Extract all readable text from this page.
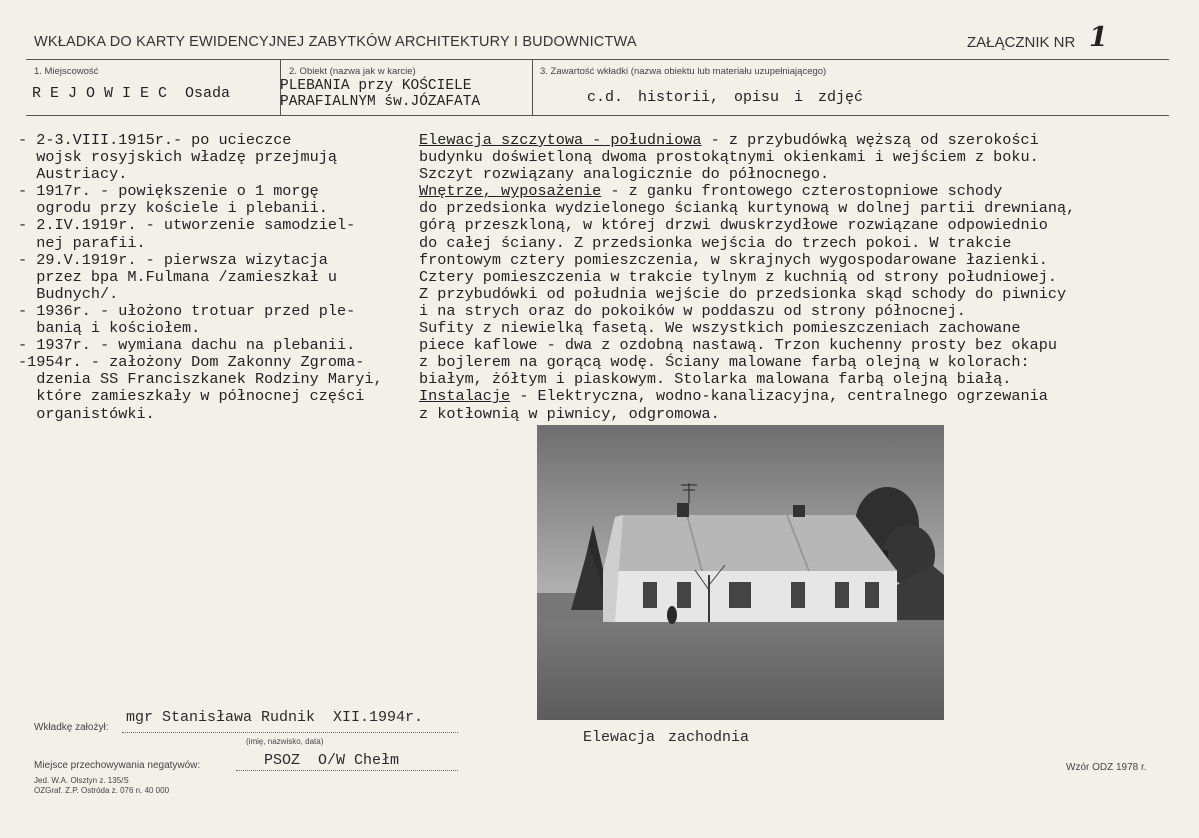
WKŁADKA DO KARTY EWIDENCYJNEJ ZABYTKÓW ARCHITEKTURY I BUDOWNICTWA	ZAŁĄCZNIK NR 1
1. Miejscowość
R E J O W I E C  Osada
2. Obiekt (nazwa jak w karcie)
PLEBANIA przy KOŚCIELE
PARAFIALNYM św.JÓZAFATA
3. Zawartość wkładki (nazwa obiektu lub materiału uzupełniającego)
c.d. historii, opisu i zdjęć
- 2-3.VIII.1915r.- po ucieczce
wojsk rosyjskich władzę przejmują
Austriacy.
- 1917r. - powiększenie o 1 morgę
ogrodu przy kościele i plebanii.
- 2.IV.1919r. - utworzenie samodziel-
nej parafii.
- 29.V.1919r. - pierwsza wizytacja
przez bpa M.Fulmana /zamieszkał u
Budnych/.
- 1936r. - ułożono trotuar przed ple-
banią i kościołem.
- 1937r. - wymiana dachu na plebanii.
-1954r. - założony Dom Zakonny Zgroma-
dzenia SS Franciszkanek Rodziny Maryi,
które zamieszkały w północnej części
organistówki.
Elewacja szczytowa - południowa - z przybudówką węższą od szerokości
budynku doświetloną dwoma prostokątnymi okienkami i wejściem z boku.
Szczyt rozwiązany analogicznie do północnego.
Wnętrze, wyposażenie - z ganku frontowego czterostopniowe schody
do przedsionka wydzielonego ścianką kurtynową w dolnej partii drewnianą,
górą przeszkloną, w której drzwi dwuskrzydłowe rozwiązane odpowiednio
do całej ściany. Z przedsionka wejścia do trzech pokoi. W trakcie
frontowym cztery pomieszczenia, w skrajnych wygospodarowane łazienki.
Cztery pomieszczenia w trakcie tylnym z kuchnią od strony południowej.
Z przybudówki od południa wejście do przedsionka skąd schody do piwnicy
i na strych oraz do pokoików w poddaszu od strony północnej.
Sufity z niewielką fasetą. We wszystkich pomieszczeniach zachowane
piece kaflowe - dwa z ozdobną nastawą. Trzon kuchenny prosty bez okapu
z bojlerem na gorącą wodę. Ściany malowane farbą olejną w kolorach:
białym, żółtym i piaskowym. Stolarka malowana farbą olejną białą.
Instalacje - Elektryczna, wodno-kanalizacyjna, centralnego ogrzewania
z kotłownią w piwnicy, odgromowa.
Elewacja zachodnia
Wkładkę założył:
mgr Stanisława Rudnik  XII.1994r.
(imię, nazwisko, data)
Miejsce przechowywania negatywów:	PSOZ  O/W Chełm
Jed. W.A. Olsztyn z. 135/S
OZGraf. Z.P. Ostróda z. 076 n. 40 000
Wzór ODZ 1978 r.
